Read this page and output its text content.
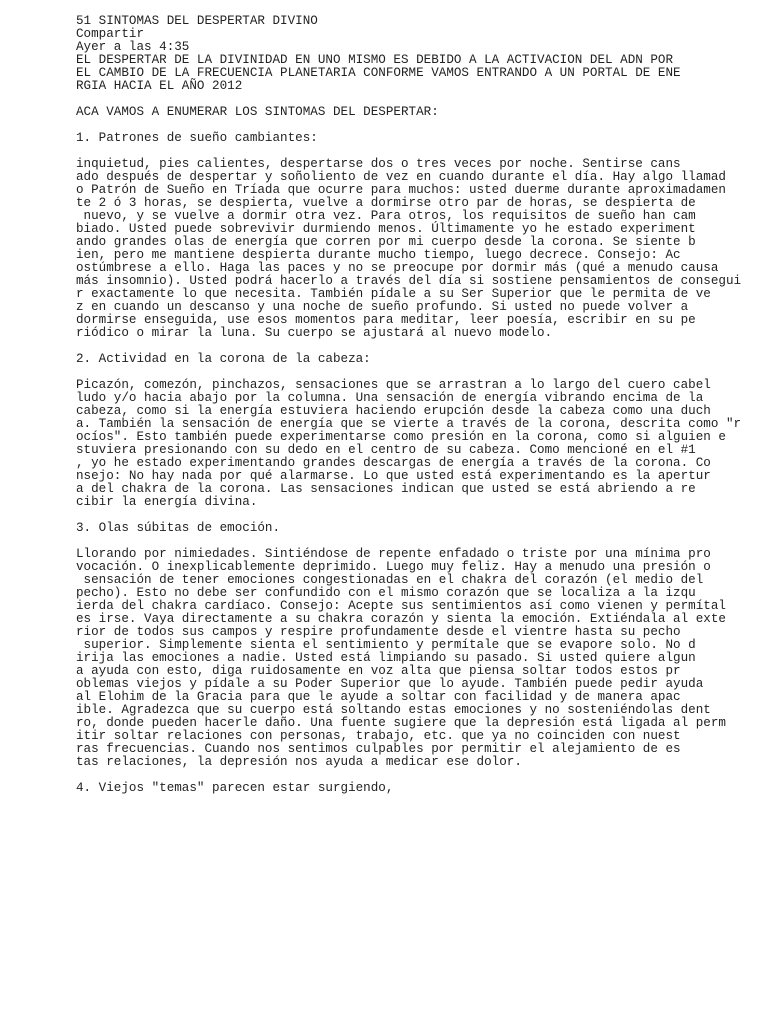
51 SINTOMAS DEL DESPERTAR DIVINO
Compartir
Ayer a las 4:35
EL DESPERTAR DE LA DIVINIDAD EN UNO MISMO ES DEBIDO A LA ACTIVACION DEL ADN POR
EL CAMBIO DE LA FRECUENCIA PLANETARIA CONFORME VAMOS ENTRANDO A UN PORTAL DE ENE
RGIA HACIA EL AÑO 2012
ACA VAMOS A ENUMERAR LOS SINTOMAS DEL DESPERTAR:
1. Patrones de sueño cambiantes:
inquietud, pies calientes, despertarse dos o tres veces por noche. Sentirse cans
ado después de despertar y soñoliento de vez en cuando durante el día. Hay algo llamad
o Patrón de Sueño en Tríada que ocurre para muchos: usted duerme durante aproximadamen
te 2 ó 3 horas, se despierta, vuelve a dormirse otro par de horas, se despierta de
nuevo, y se vuelve a dormir otra vez. Para otros, los requisitos de sueño han cam
biado. Usted puede sobrevivir durmiendo menos. Últimamente yo he estado experiment
ando grandes olas de energía que corren por mi cuerpo desde la corona. Se siente b
ien, pero me mantiene despierta durante mucho tiempo, luego decrece. Consejo: Ac
ostúmbrese a ello. Haga las paces y no se preocupe por dormir más (qué a menudo causa
más insomnio). Usted podrá hacerlo a través del día si sostiene pensamientos de consegui
r exactamente lo que necesita. También pídale a su Ser Superior que le permita de ve
z en cuando un descanso y una noche de sueño profundo. Si usted no puede volver a
dormirse enseguida, use esos momentos para meditar, leer poesía, escribir en su pe
riódico o mirar la luna. Su cuerpo se ajustará al nuevo modelo.
2. Actividad en la corona de la cabeza:
Picazón, comezón, pinchazos, sensaciones que se arrastran a lo largo del cuero cabel
ludo y/o hacia abajo por la columna. Una sensación de energía vibrando encima de la
cabeza, como si la energía estuviera haciendo erupción desde la cabeza como una duch
a. También la sensación de energía que se vierte a través de la corona, descrita como "r
ocíos". Esto también puede experimentarse como presión en la corona, como si alguien e
stuviera presionando con su dedo en el centro de su cabeza. Como mencioné en el #1
, yo he estado experimentando grandes descargas de energía a través de la corona. Co
nsejo: No hay nada por qué alarmarse. Lo que usted está experimentando es la apertur
a del chakra de la corona. Las sensaciones indican que usted se está abriendo a re
cibir la energía divina.
3. Olas súbitas de emoción.
Llorando por nimiedades. Sintiéndose de repente enfadado o triste por una mínima pro
vocación. O inexplicablemente deprimido. Luego muy feliz. Hay a menudo una presión o
sensación de tener emociones congestionadas en el chakra del corazón (el medio del
pecho). Esto no debe ser confundido con el mismo corazón que se localiza a la izqu
ierda del chakra cardíaco. Consejo: Acepte sus sentimientos así como vienen y permítal
es irse. Vaya directamente a su chakra corazón y sienta la emoción. Extiéndala al exte
rior de todos sus campos y respire profundamente desde el vientre hasta su pecho
superior. Simplemente sienta el sentimiento y permítale que se evapore solo. No d
irija las emociones a nadie. Usted está limpiando su pasado. Si usted quiere algun
a ayuda con esto, diga ruidosamente en voz alta que piensa soltar todos estos pr
oblemas viejos y pídale a su Poder Superior que lo ayude. También puede pedir ayuda
al Elohim de la Gracia para que le ayude a soltar con facilidad y de manera apac
ible. Agradezca que su cuerpo está soltando estas emociones y no sosteniéndolas dent
ro, donde pueden hacerle daño. Una fuente sugiere que la depresión está ligada al perm
itir soltar relaciones con personas, trabajo, etc. que ya no coinciden con nuest
ras frecuencias. Cuando nos sentimos culpables por permitir el alejamiento de es
tas relaciones, la depresión nos ayuda a medicar ese dolor.
4. Viejos "temas" parecen estar surgiendo,
